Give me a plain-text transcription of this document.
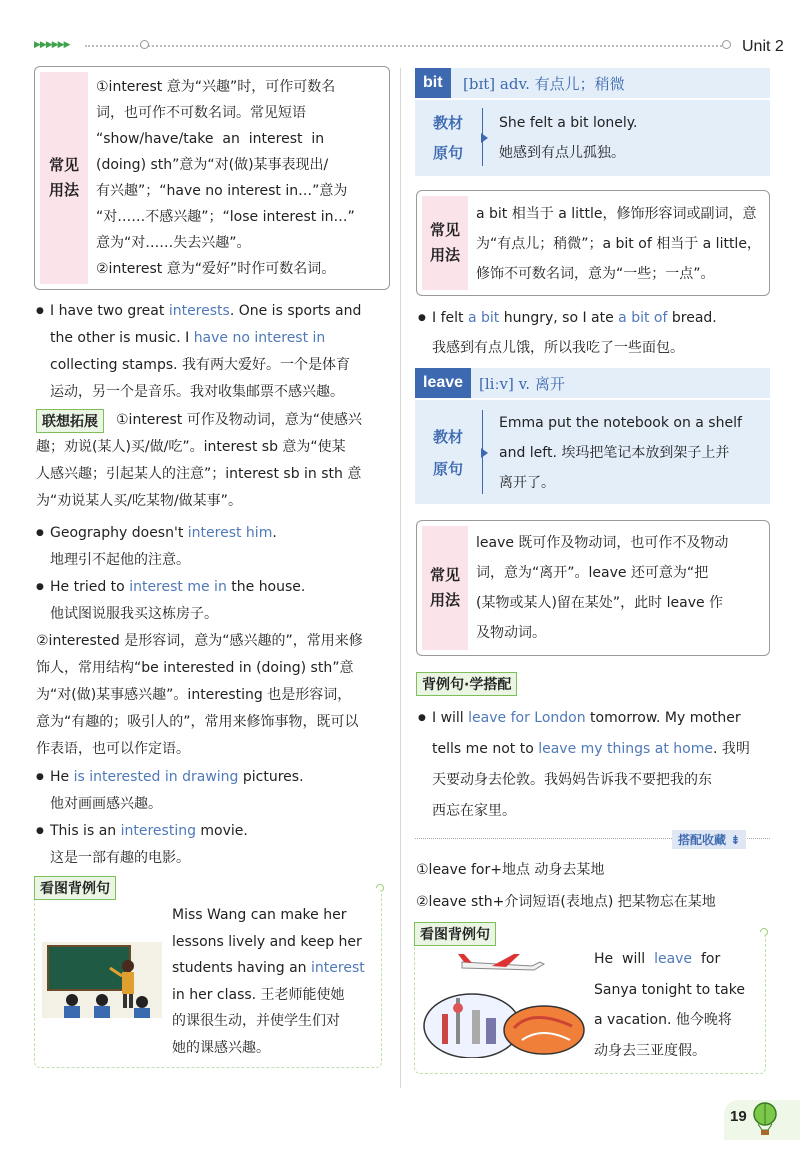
▶▶▶▶▶▶	Unit 2
常见
用法
①interest 意为“兴趣”时，可作可数名
词，也可作不可数名词。常见短语
“show/have/take  an  interest  in
(doing) sth”意为“对(做)某事表现出/
有兴趣”；“have no interest in…”意为
“对……不感兴趣”；“lose interest in…”
意为“对……失去兴趣”。
②interest 意为“爱好”时作可数名词。
● I have two great interests. One is sports and
the other is music. I have no interest in
collecting stamps. 我有两大爱好。一个是体育
运动，另一个是音乐。我对收集邮票不感兴趣。
联想拓展	①interest 可作及物动词，意为“使感兴
趣；劝说(某人)买/做/吃”。interest sb 意为“使某
人感兴趣；引起某人的注意”；interest sb in sth 意
为“劝说某人买/吃某物/做某事”。
● Geography doesn't interest him.
地理引不起他的注意。
● He tried to interest me in the house.
他试图说服我买这栋房子。
②interested 是形容词，意为“感兴趣的”，常用来修
饰人，常用结构“be interested in (doing) sth”意
为“对(做)某事感兴趣”。interesting 也是形容词，
意为“有趣的；吸引人的”，常用来修饰事物，既可以
作表语，也可以作定语。
● He is interested in drawing pictures.
他对画画感兴趣。
● This is an interesting movie.
这是一部有趣的电影。
看图背例句
Miss Wang can make her
lessons lively and keep her
students having an interest
in her class. 王老师能使她
的课很生动，并使学生们对
她的课感兴趣。
bit	[bɪt] adv. 有点儿；稍微
教材
原句
She felt a bit lonely.
她感到有点儿孤独。
常见
用法
a bit 相当于 a little，修饰形容词或副词，意
为“有点儿；稍微”；a bit of 相当于 a little，
修饰不可数名词，意为“一些；一点”。
● I felt a bit hungry, so I ate a bit of bread.
我感到有点儿饿，所以我吃了一些面包。
leave	[liːv] v. 离开
教材
原句
Emma put the notebook on a shelf
and left. 埃玛把笔记本放到架子上并
离开了。
常见
用法
leave 既可作及物动词，也可作不及物动
词，意为“离开”。leave 还可意为“把
(某物或某人)留在某处”，此时 leave 作
及物动词。
背例句·学搭配
● I will leave for London tomorrow. My mother
tells me not to leave my things at home. 我明
天要动身去伦敦。我妈妈告诉我不要把我的东
西忘在家里。
搭配收藏 ⇟
①leave for+地点 动身去某地
②leave sth+介词短语(表地点) 把某物忘在某地
看图背例句
He  will  leave  for
Sanya tonight to take
a vacation. 他今晚将
动身去三亚度假。
19
